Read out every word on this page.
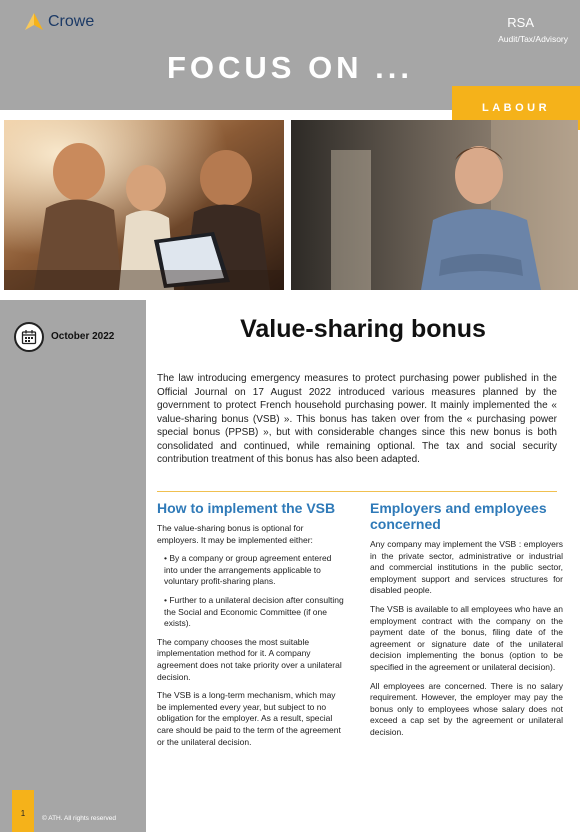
Crowe	RSA
Audit/Tax/Advisory
FOCUS ON ...
LABOUR
October 2022
1
© ATH. All rights reserved
Value-sharing bonus

The law introducing emergency measures to protect purchasing power published in the Official Journal on 17 August 2022 introduced various measures planned by the government to protect French household purchasing power. It mainly implemented the « value-sharing bonus (VSB) ». This bonus has taken over from the « purchasing power special bonus (PPSB) », but with considerable changes since this new bonus is both consolidated and continued, while remaining optional. The tax and social security contribution treatment of this bonus has also been adapted.

How to implement the VSB

The value-sharing bonus is optional for employers. It may be implemented either:

• By a company or group agreement entered into under the arrangements applicable to voluntary profit-sharing plans.

• Further to a unilateral decision after consulting the Social and Economic Committee (if one exists).

The company chooses the most suitable implementation method for it. A company agreement does not take priority over a unilateral decision.

The VSB is a long-term mechanism, which may be implemented every year, but subject to no obligation for the employer. As a result, special care should be paid to the term of the agreement or the unilateral decision.

Employers and employees concerned

Any company may implement the VSB : employers in the private sector, administrative or industrial and commercial institutions in the public sector, employment support and services structures for disabled people.

The VSB is available to all employees who have an employment contract with the company on the payment date of the bonus, filing date of the agreement or signature date of the unilateral decision implementing the bonus (option to be specified in the agreement or unilateral decision).

All employees are concerned. There is no salary requirement. However, the employer may pay the bonus only to employees whose salary does not exceed a cap set by the agreement or unilateral decision.
